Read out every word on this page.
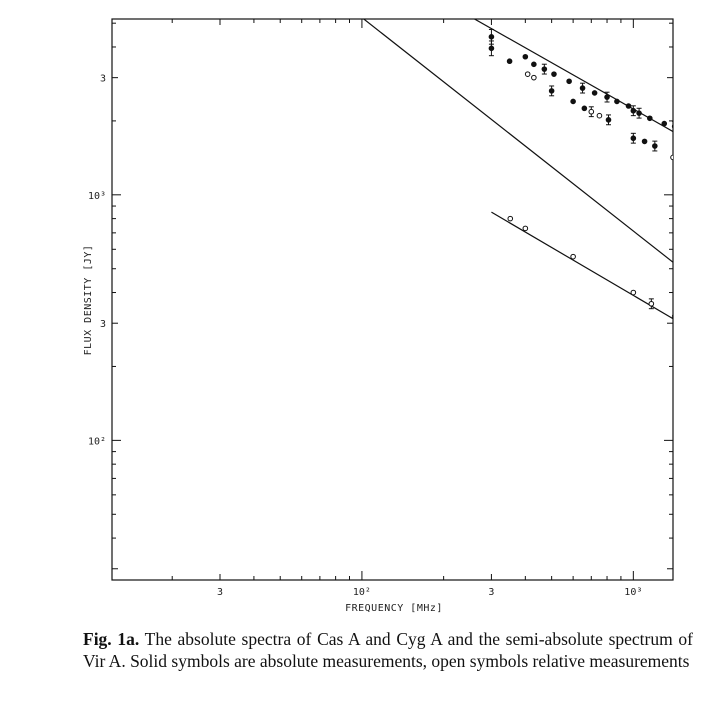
3	10²	3	10³
10²
3
10³
3
FREQUENCY [MHz]
FLUX DENSITY [JY]

Fig. 1a. The absolute spectra of Cas A and Cyg A and the semi-absolute spectrum of Vir A. Solid symbols are absolute measurements, open symbols relative measurements
